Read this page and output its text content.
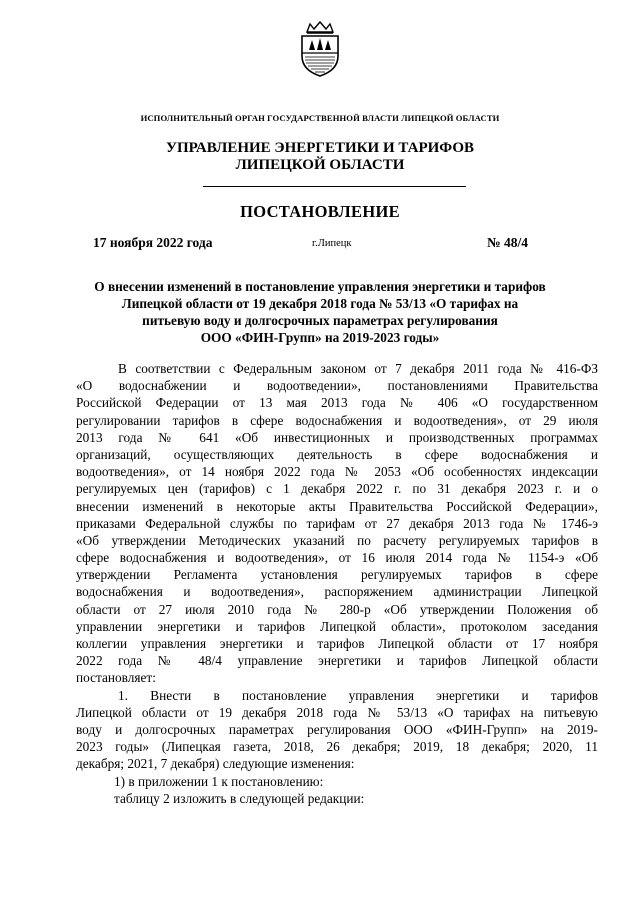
ИСПОЛНИТЕЛЬНЫЙ ОРГАН ГОСУДАРСТВЕННОЙ ВЛАСТИ ЛИПЕЦКОЙ ОБЛАСТИ
УПРАВЛЕНИЕ ЭНЕРГЕТИКИ И ТАРИФОВ
ЛИПЕЦКОЙ ОБЛАСТИ
ПОСТАНОВЛЕНИЕ
17 ноября 2022 года	г.Липецк	№ 48/4
О внесении изменений в постановление управления энергетики и тарифов
Липецкой области от 19 декабря 2018 года № 53/13 «О тарифах на
питьевую воду и долгосрочных параметрах регулирования
ООО «ФИН-Групп» на 2019-2023 годы»
В соответствии с Федеральным законом от 7 декабря 2011 года № 416-ФЗ
«О водоснабжении и водоотведении», постановлениями Правительства
Российской Федерации от 13 мая 2013 года № 406 «О государственном
регулировании тарифов в сфере водоснабжения и водоотведения», от 29 июля
2013 года № 641 «Об инвестиционных и производственных программах
организаций, осуществляющих деятельность в сфере водоснабжения и
водоотведения», от 14 ноября 2022 года № 2053 «Об особенностях индексации
регулируемых цен (тарифов) с 1 декабря 2022 г. по 31 декабря 2023 г. и о
внесении изменений в некоторые акты Правительства Российской Федерации»,
приказами Федеральной службы по тарифам от 27 декабря 2013 года № 1746-э
«Об утверждении Методических указаний по расчету регулируемых тарифов в
сфере водоснабжения и водоотведения», от 16 июля 2014 года № 1154-э «Об
утверждении Регламента установления регулируемых тарифов в сфере
водоснабжения и водоотведения», распоряжением администрации Липецкой
области от 27 июля 2010 года № 280-р «Об утверждении Положения об
управлении энергетики и тарифов Липецкой области», протоколом заседания
коллегии управления энергетики и тарифов Липецкой области от 17 ноября
2022 года № 48/4 управление энергетики и тарифов Липецкой области
постановляет:
1. Внести в постановление управления энергетики и тарифов
Липецкой области от 19 декабря 2018 года № 53/13 «О тарифах на питьевую
воду и долгосрочных параметрах регулирования ООО «ФИН-Групп» на 2019-
2023 годы» (Липецкая газета, 2018, 26 декабря; 2019, 18 декабря; 2020, 11
декабря; 2021, 7 декабря) следующие изменения:
1) в приложении 1 к постановлению:
таблицу 2 изложить в следующей редакции:
